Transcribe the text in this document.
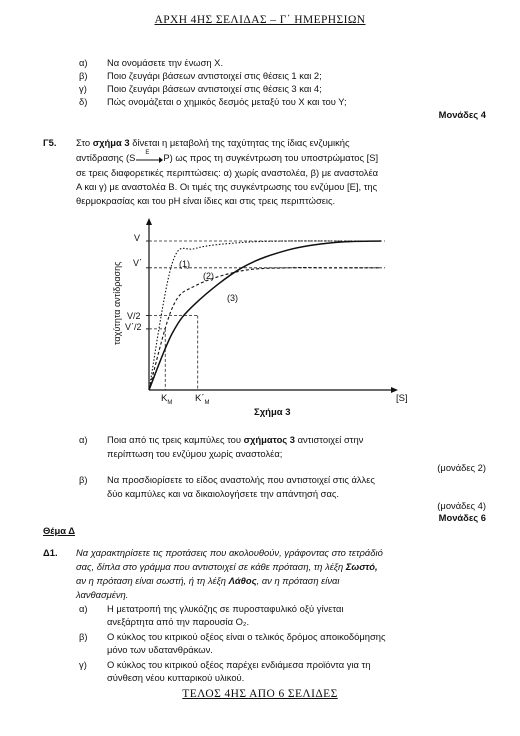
ΑΡΧΗ 4ΗΣ ΣΕΛΙΔΑΣ – Γ΄ ΗΜΕΡΗΣΙΩΝ
α) Να ονομάσετε την ένωση Χ.
β) Ποιο ζευγάρι βάσεων αντιστοιχεί στις θέσεις 1 και 2;
γ) Ποιο ζευγάρι βάσεων αντιστοιχεί στις θέσεις 3 και 4;
δ) Πώς ονομάζεται ο χημικός δεσμός μεταξύ του Χ και του Υ;
Μονάδες 4
Γ5. Στο σχήμα 3 δίνεται η μεταβολή της ταχύτητας της ίδιας ενζυμικής
αντίδρασης (S E P) ως προς τη συγκέντρωση του υποστρώματος [S]
σε τρεις διαφορετικές περιπτώσεις: α) χωρίς αναστολέα, β) με αναστολέα
Α και γ) με αναστολέα Β. Οι τιμές της συγκέντρωσης του ενζύμου [Ε], της
θερμοκρασίας και του pH είναι ίδιες και στις τρεις περιπτώσεις.
ταχύτητα αντίδρασης
V
V΄
V/2
V΄/2
$K_M$ $K΄_M$	[S]
Σχήμα 3
(1)
(2)
(3)
α) Ποια από τις τρεις καμπύλες του σχήματος 3 αντιστοιχεί στην
περίπτωση του ενζύμου χωρίς αναστολέα;
(μονάδες 2)
β) Να προσδιορίσετε το είδος αναστολής που αντιστοιχεί στις άλλες
δύο καμπύλες και να δικαιολογήσετε την απάντησή σας.
(μονάδες 4)
Μονάδες 6
Θέμα Δ
Δ1. Να χαρακτηρίσετε τις προτάσεις που ακολουθούν, γράφοντας στο τετράδιό
σας, δίπλα στο γράμμα που αντιστοιχεί σε κάθε πρόταση, τη λέξη Σωστό,
αν η πρόταση είναι σωστή, ή τη λέξη Λάθος, αν η πρόταση είναι
λανθασμένη.
α) Η μετατροπή της γλυκόζης σε πυροσταφυλικό οξύ γίνεται
ανεξάρτητα από την παρουσία Ο₂.
β) Ο κύκλος του κιτρικού οξέος είναι ο τελικός δρόμος αποικοδόμησης
μόνο των υδατανθράκων.
γ) Ο κύκλος του κιτρικού οξέος παρέχει ενδιάμεσα προϊόντα για τη
σύνθεση νέου κυτταρικού υλικού.
ΤΕΛΟΣ 4ΗΣ ΑΠΟ 6 ΣΕΛΙΔΕΣ
